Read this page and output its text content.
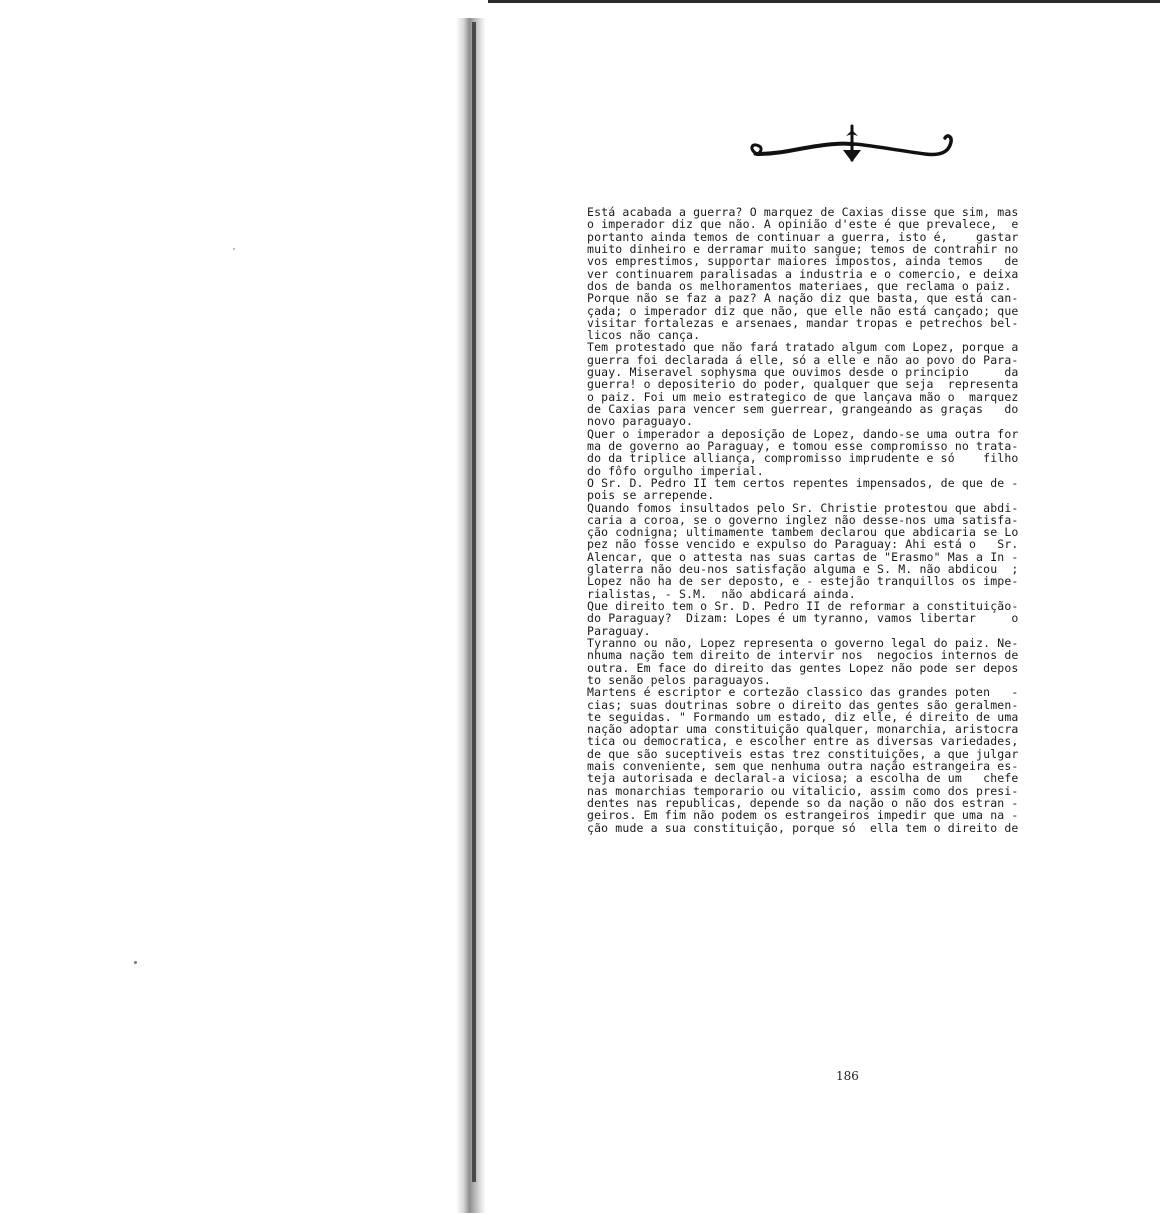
Está acabada a guerra? O marquez de Caxias disse que sim, mas
o imperador diz que não. A opinião d'este é que prevalece,  e
portanto ainda temos de continuar a guerra, isto é,    gastar
muito dinheiro e derramar muito sangue; temos de contrahir no
vos emprestimos, supportar maiores impostos, ainda temos   de
ver continuarem paralisadas a industria e o comercio, e deixa
dos de banda os melhoramentos materiaes, que reclama o paiz.
Porque não se faz a paz? A nação diz que basta, que está can-
çada; o imperador diz que não, que elle não está cançado; que
visitar fortalezas e arsenaes, mandar tropas e petrechos bel-
licos não cança.
Tem protestado que não fará tratado algum com Lopez, porque a
guerra foi declarada á elle, só a elle e não ao povo do Para-
guay. Miseravel sophysma que ouvimos desde o principio     da
guerra! o depositerio do poder, qualquer que seja  representa
o paiz. Foi um meio estrategico de que lançava mão o  marquez
de Caxias para vencer sem guerrear, grangeando as graças   do
novo paraguayo.
Quer o imperador a deposição de Lopez, dando-se uma outra for
ma de governo ao Paraguay, e tomou esse compromisso no trata-
do da triplice alliança, compromisso imprudente e só    filho
do fôfo orgulho imperial.
O Sr. D. Pedro II tem certos repentes impensados, de que de -
pois se arrepende.
Quando fomos insultados pelo Sr. Christie protestou que abdi-
caria a coroa, se o governo inglez não desse-nos uma satisfa-
ção codnigna; ultimamente tambem declarou que abdicaria se Lo
pez não fosse vencido e expulso do Paraguay: Ahi está o   Sr.
Alencar, que o attesta nas suas cartas de "Erasmo" Mas a In -
glaterra não deu-nos satisfação alguma e S. M. não abdicou  ;
Lopez não ha de ser deposto, e - estejão tranquillos os impe-
rialistas, - S.M.  não abdicará ainda.
Que direito tem o Sr. D. Pedro II de reformar a constituição-
do Paraguay?  Dizam: Lopes é um tyranno, vamos libertar     o
Paraguay.
Tyranno ou não, Lopez representa o governo legal do paiz. Ne-
nhuma nação tem direito de intervir nos  negocios internos de
outra. Em face do direito das gentes Lopez não pode ser depos
to senão pelos paraguayos.
Martens é escriptor e cortezão classico das grandes poten   -
cias; suas doutrinas sobre o direito das gentes são geralmen-
te seguidas. " Formando um estado, diz elle, é direito de uma
nação adoptar uma constituição qualquer, monarchia, aristocra
tica ou democratica, e escolher entre as diversas variedades,
de que são suceptiveis estas trez constituições, a que julgar
mais conveniente, sem que nenhuma outra nação estrangeira es-
teja autorisada e declaral-a viciosa; a escolha de um   chefe
nas monarchias temporario ou vitalicio, assim como dos presi-
dentes nas republicas, depende so da nação o não dos estran -
geiros. Em fim não podem os estrangeiros impedir que uma na -
ção mude a sua constituição, porque só  ella tem o direito de
186
